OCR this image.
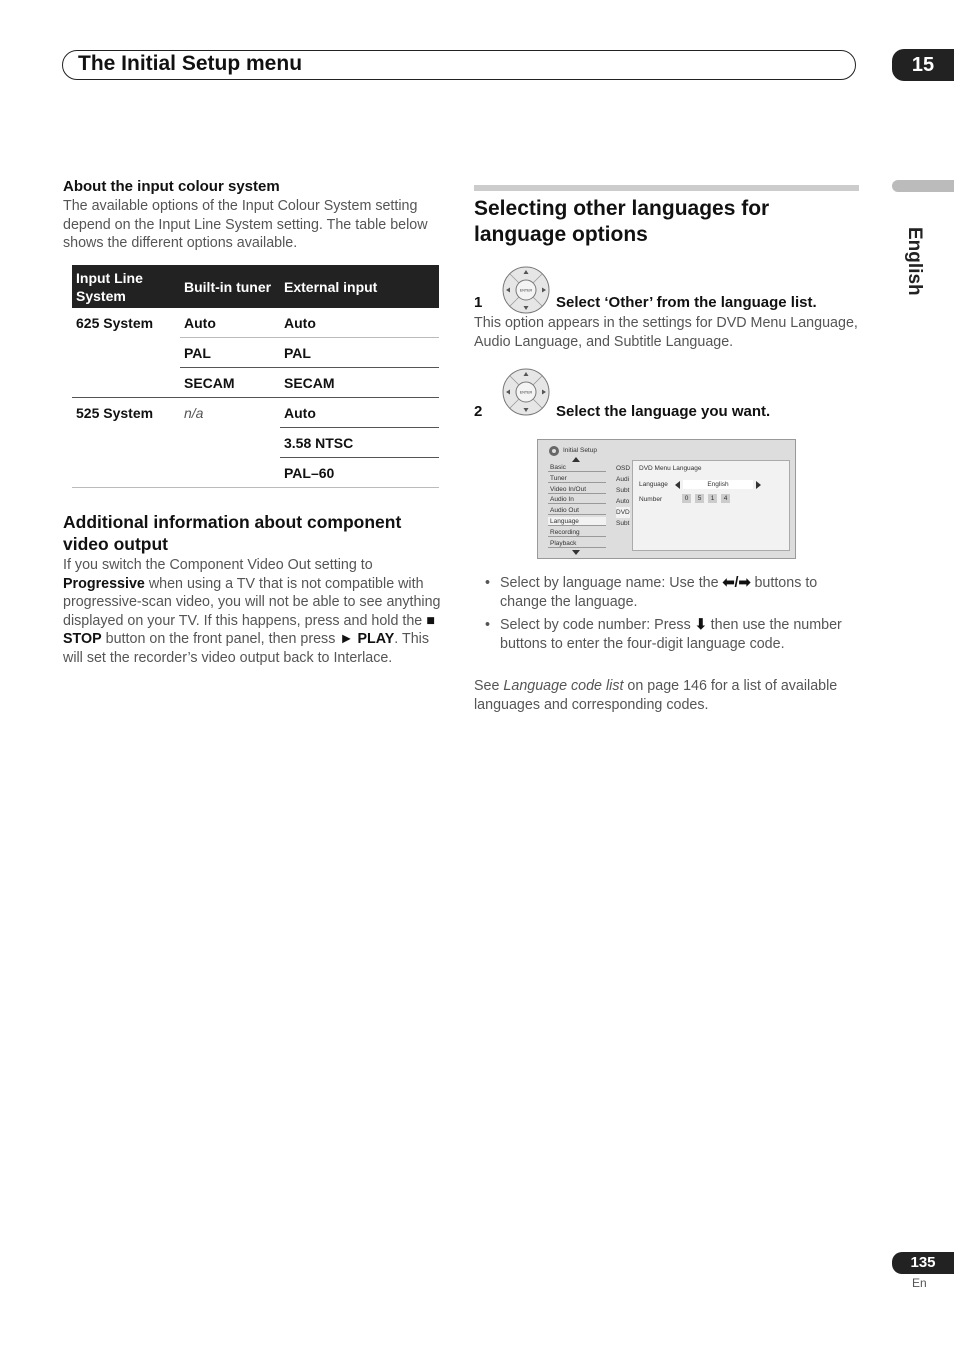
The Initial Setup menu	15
English
About the input colour system
The available options of the Input Colour System setting depend on the Input Line System setting. The table below shows the different options available.
Input Line System	Built-in tuner	External input
625 System	Auto	Auto
	PAL	PAL
	SECAM	SECAM
525 System	n/a	Auto
		3.58 NTSC
		PAL–60
Additional information about component video output
If you switch the Component Video Out setting to Progressive when using a TV that is not compatible with progressive-scan video, you will not be able to see anything displayed on your TV. If this happens, press and hold the ■ STOP button on the front panel, then press ► PLAY. This will set the recorder’s video output back to Interlace.
Selecting other languages for language options
ENTER
1	Select ‘Other’ from the language list.
This option appears in the settings for DVD Menu Language, Audio Language, and Subtitle Language.
ENTER
2	Select the language you want.
Initial Setup
Basic
Tuner
Video In/Out
Audio In
Audio Out
Language
Recording
Playback
OSD
Audi
Subt
Auto
DVD
Subt
DVD Menu Language
Language	English
Number	0	5	1	4
• Select by language name: Use the ⬅/➡ buttons to change the language.
• Select by code number: Press ⬇ then use the number buttons to enter the four-digit language code.
See Language code list on page 146 for a list of available languages and corresponding codes.
135
En
